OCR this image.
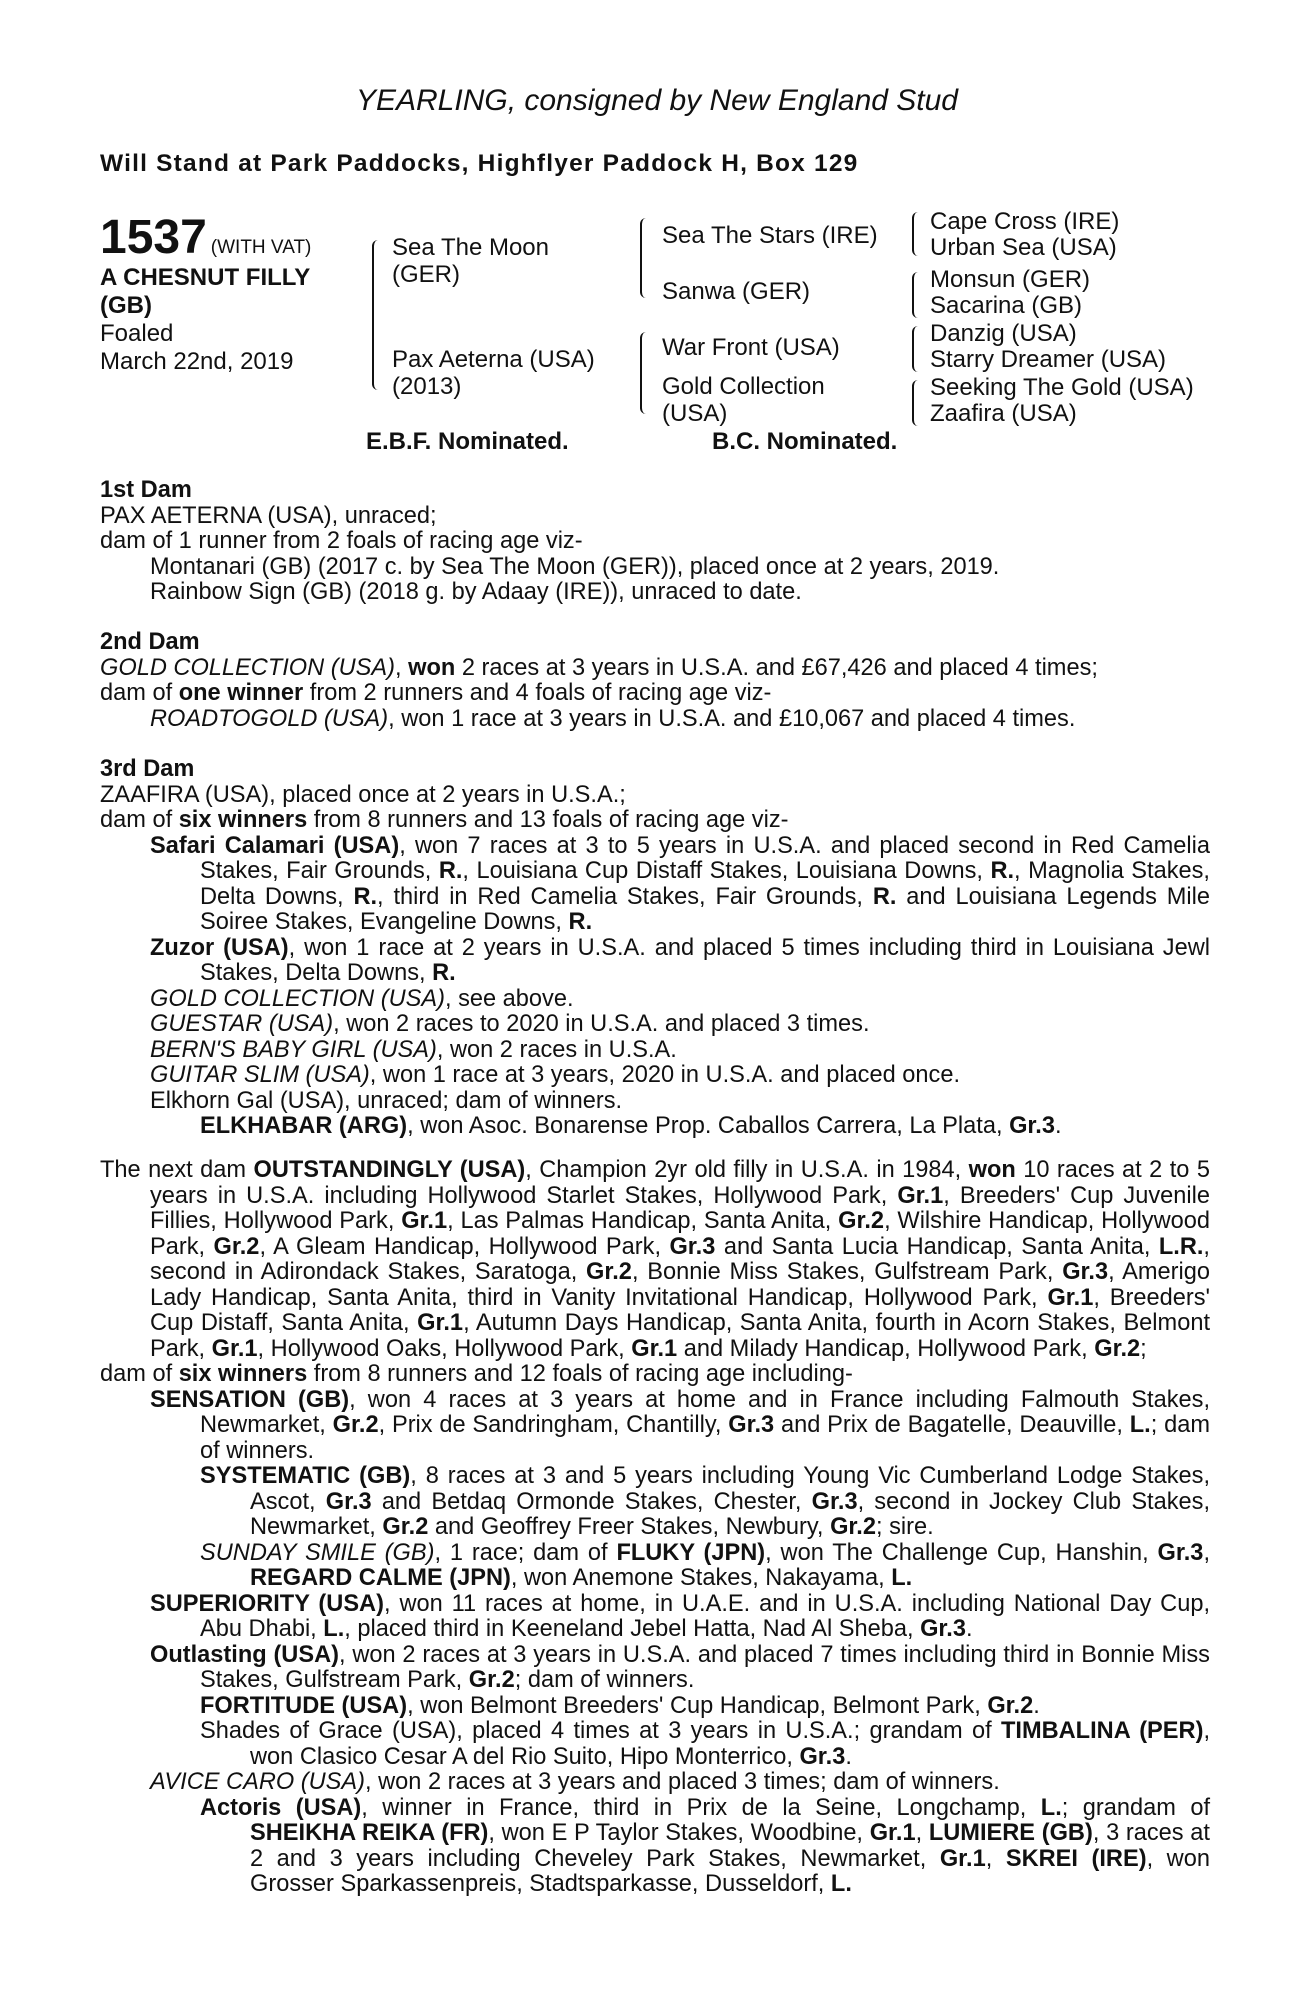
YEARLING, consigned by New England Stud
Will Stand at Park Paddocks, Highflyer Paddock H, Box 129
1537 (WITH VAT)
A CHESNUT FILLY
(GB)
Foaled
March 22nd, 2019
Sea The Moon
(GER)
Pax Aeterna (USA)
(2013)
Sea The Stars (IRE)
Sanwa (GER)
War Front (USA)
Gold Collection
(USA)
Cape Cross (IRE)
Urban Sea (USA)
Monsun (GER)
Sacarina (GB)
Danzig (USA)
Starry Dreamer (USA)
Seeking The Gold (USA)
Zaafira (USA)
E.B.F. Nominated.	B.C. Nominated.

1st Dam

PAX AETERNA (USA), unraced;

dam of 1 runner from 2 foals of racing age viz-

Montanari (GB) (2017 c. by Sea The Moon (GER)), placed once at 2 years, 2019.

Rainbow Sign (GB) (2018 g. by Adaay (IRE)), unraced to date.

2nd Dam

GOLD COLLECTION (USA), won 2 races at 3 years in U.S.A. and £67,426 and placed 4 times;

dam of one winner from 2 runners and 4 foals of racing age viz-

ROADTOGOLD (USA), won 1 race at 3 years in U.S.A. and £10,067 and placed 4 times.

3rd Dam

ZAAFIRA (USA), placed once at 2 years in U.S.A.;

dam of six winners from 8 runners and 13 foals of racing age viz-

Safari Calamari (USA), won 7 races at 3 to 5 years in U.S.A. and placed second in Red Camelia Stakes, Fair Grounds, R., Louisiana Cup Distaff Stakes, Louisiana Downs, R., Magnolia Stakes, Delta Downs, R., third in Red Camelia Stakes, Fair Grounds, R. and Louisiana Legends Mile Soiree Stakes, Evangeline Downs, R.

Zuzor (USA), won 1 race at 2 years in U.S.A. and placed 5 times including third in Louisiana Jewl Stakes, Delta Downs, R.

GOLD COLLECTION (USA), see above.

GUESTAR (USA), won 2 races to 2020 in U.S.A. and placed 3 times.

BERN'S BABY GIRL (USA), won 2 races in U.S.A.

GUITAR SLIM (USA), won 1 race at 3 years, 2020 in U.S.A. and placed once.

Elkhorn Gal (USA), unraced; dam of winners.

ELKHABAR (ARG), won Asoc. Bonarense Prop. Caballos Carrera, La Plata, Gr.3.

The next dam OUTSTANDINGLY (USA), Champion 2yr old filly in U.S.A. in 1984, won 10 races at 2 to 5 years in U.S.A. including Hollywood Starlet Stakes, Hollywood Park, Gr.1, Breeders' Cup Juvenile Fillies, Hollywood Park, Gr.1, Las Palmas Handicap, Santa Anita, Gr.2, Wilshire Handicap, Hollywood Park, Gr.2, A Gleam Handicap, Hollywood Park, Gr.3 and Santa Lucia Handicap, Santa Anita, L.R., second in Adirondack Stakes, Saratoga, Gr.2, Bonnie Miss Stakes, Gulfstream Park, Gr.3, Amerigo Lady Handicap, Santa Anita, third in Vanity Invitational Handicap, Hollywood Park, Gr.1, Breeders' Cup Distaff, Santa Anita, Gr.1, Autumn Days Handicap, Santa Anita, fourth in Acorn Stakes, Belmont Park, Gr.1, Hollywood Oaks, Hollywood Park, Gr.1 and Milady Handicap, Hollywood Park, Gr.2;

dam of six winners from 8 runners and 12 foals of racing age including-

SENSATION (GB), won 4 races at 3 years at home and in France including Falmouth Stakes, Newmarket, Gr.2, Prix de Sandringham, Chantilly, Gr.3 and Prix de Bagatelle, Deauville, L.; dam of winners.

SYSTEMATIC (GB), 8 races at 3 and 5 years including Young Vic Cumberland Lodge Stakes, Ascot, Gr.3 and Betdaq Ormonde Stakes, Chester, Gr.3, second in Jockey Club Stakes, Newmarket, Gr.2 and Geoffrey Freer Stakes, Newbury, Gr.2; sire.

SUNDAY SMILE (GB), 1 race; dam of FLUKY (JPN), won The Challenge Cup, Hanshin, Gr.3, REGARD CALME (JPN), won Anemone Stakes, Nakayama, L.

SUPERIORITY (USA), won 11 races at home, in U.A.E. and in U.S.A. including National Day Cup, Abu Dhabi, L., placed third in Keeneland Jebel Hatta, Nad Al Sheba, Gr.3.

Outlasting (USA), won 2 races at 3 years in U.S.A. and placed 7 times including third in Bonnie Miss Stakes, Gulfstream Park, Gr.2; dam of winners.

FORTITUDE (USA), won Belmont Breeders' Cup Handicap, Belmont Park, Gr.2.

Shades of Grace (USA), placed 4 times at 3 years in U.S.A.; grandam of TIMBALINA (PER), won Clasico Cesar A del Rio Suito, Hipo Monterrico, Gr.3.

AVICE CARO (USA), won 2 races at 3 years and placed 3 times; dam of winners.

Actoris (USA), winner in France, third in Prix de la Seine, Longchamp, L.; grandam of SHEIKHA REIKA (FR), won E P Taylor Stakes, Woodbine, Gr.1, LUMIERE (GB), 3 races at 2 and 3 years including Cheveley Park Stakes, Newmarket, Gr.1, SKREI (IRE), won Grosser Sparkassenpreis, Stadtsparkasse, Dusseldorf, L.
